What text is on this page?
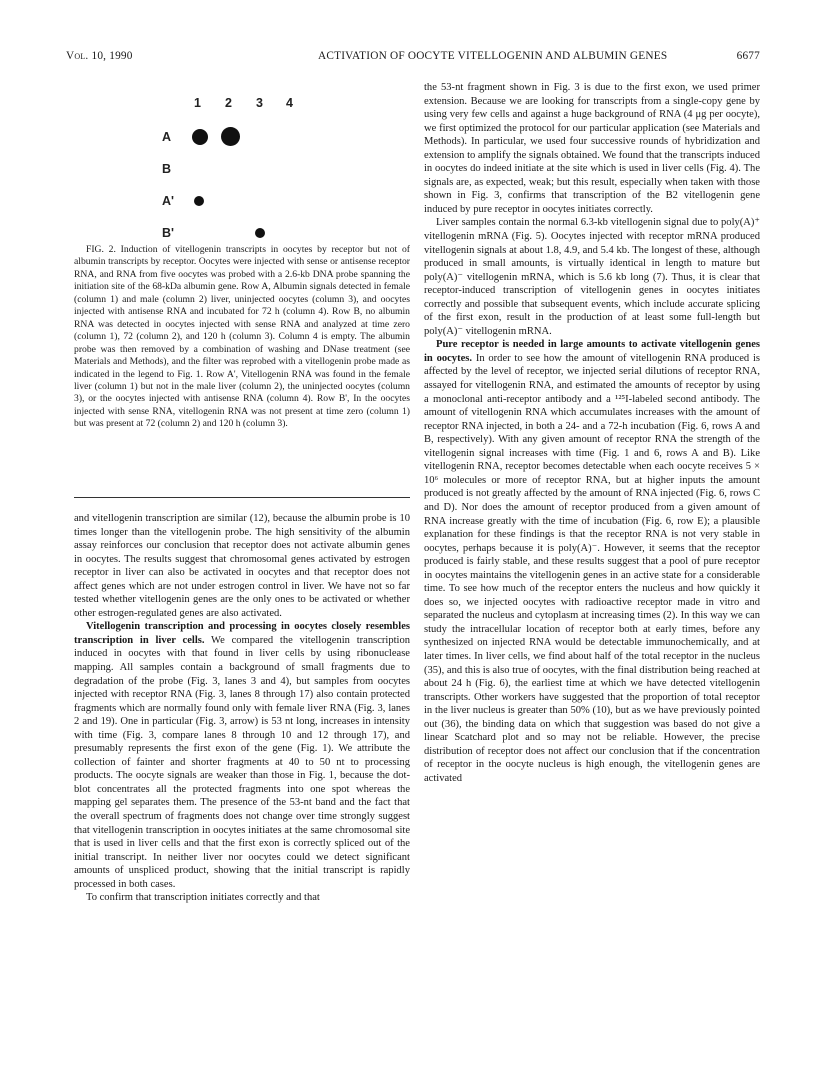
Vol. 10, 1990	ACTIVATION OF OOCYTE VITELLOGENIN AND ALBUMIN GENES	6677
1 2 3 4
A
B
A'
B'

FIG. 2. Induction of vitellogenin transcripts in oocytes by receptor but not of albumin transcripts by receptor. Oocytes were injected with sense or antisense receptor RNA, and RNA from five oocytes was probed with a 2.6-kb DNA probe spanning the initiation site of the 68-kDa albumin gene. Row A, Albumin signals detected in female (column 1) and male (column 2) liver, uninjected oocytes (column 3), and oocytes injected with antisense RNA and incubated for 72 h (column 4). Row B, no albumin RNA was detected in oocytes injected with sense RNA and analyzed at time zero (column 1), 72 (column 2), and 120 h (column 3). Column 4 is empty. The albumin probe was then removed by a combination of washing and DNase treatment (see Materials and Methods), and the filter was reprobed with a vitellogenin probe made as indicated in the legend to Fig. 1. Row A', Vitellogenin RNA was found in the female liver (column 1) but not in the male liver (column 2), the uninjected oocytes (column 3), or the oocytes injected with antisense RNA (column 4). Row B', In the oocytes injected with sense RNA, vitellogenin RNA was not present at time zero (column 1) but was present at 72 (column 2) and 120 h (column 3).

and vitellogenin transcription are similar (12), because the albumin probe is 10 times longer than the vitellogenin probe. The high sensitivity of the albumin assay reinforces our conclusion that receptor does not activate albumin genes in oocytes. The results suggest that chromosomal genes activated by estrogen receptor in liver can also be activated in oocytes and that receptor does not affect genes which are not under estrogen control in liver. We have not so far tested whether vitellogenin genes are the only ones to be activated or whether other estrogen-regulated genes are also activated.

Vitellogenin transcription and processing in oocytes closely resembles transcription in liver cells. We compared the vitellogenin transcription induced in oocytes with that found in liver cells by using ribonuclease mapping. All samples contain a background of small fragments due to degradation of the probe (Fig. 3, lanes 3 and 4), but samples from oocytes injected with receptor RNA (Fig. 3, lanes 8 through 17) also contain protected fragments which are normally found only with female liver RNA (Fig. 3, lanes 2 and 19). One in particular (Fig. 3, arrow) is 53 nt long, increases in intensity with time (Fig. 3, compare lanes 8 through 10 and 12 through 17), and presumably represents the first exon of the gene (Fig. 1). We attribute the collection of fainter and shorter fragments at 40 to 50 nt to processing products. The oocyte signals are weaker than those in Fig. 1, because the dot-blot concentrates all the protected fragments into one spot whereas the mapping gel separates them. The presence of the 53-nt band and the fact that the overall spectrum of fragments does not change over time strongly suggest that vitellogenin transcription in oocytes initiates at the same chromosomal site that is used in liver cells and that the first exon is correctly spliced out of the initial transcript. In neither liver nor oocytes could we detect significant amounts of unspliced product, showing that the initial transcript is rapidly processed in both cases.

To confirm that transcription initiates correctly and that

the 53-nt fragment shown in Fig. 3 is due to the first exon, we used primer extension. Because we are looking for transcripts from a single-copy gene by using very few cells and against a huge background of RNA (4 μg per oocyte), we first optimized the protocol for our particular application (see Materials and Methods). In particular, we used four successive rounds of hybridization and extension to amplify the signals obtained. We found that the transcripts induced in oocytes do indeed initiate at the site which is used in liver cells (Fig. 4). The signals are, as expected, weak; but this result, especially when taken with those shown in Fig. 3, confirms that transcription of the B2 vitellogenin gene induced by pure receptor in oocytes initiates correctly.

Liver samples contain the normal 6.3-kb vitellogenin signal due to poly(A)⁺ vitellogenin mRNA (Fig. 5). Oocytes injected with receptor mRNA produced vitellogenin signals at about 1.8, 4.9, and 5.4 kb. The longest of these, although produced in small amounts, is virtually identical in length to mature but poly(A)⁻ vitellogenin mRNA, which is 5.6 kb long (7). Thus, it is clear that receptor-induced transcription of vitellogenin genes in oocytes initiates correctly and possible that subsequent events, which include accurate splicing of the first exon, result in the production of at least some full-length but poly(A)⁻ vitellogenin mRNA.

Pure receptor is needed in large amounts to activate vitellogenin genes in oocytes. In order to see how the amount of vitellogenin RNA produced is affected by the level of receptor, we injected serial dilutions of receptor RNA, assayed for vitellogenin RNA, and estimated the amounts of receptor by using a monoclonal anti-receptor antibody and a ¹²⁵I-labeled second antibody. The amount of vitellogenin RNA which accumulates increases with the amount of receptor RNA injected, in both a 24- and a 72-h incubation (Fig. 6, rows A and B, respectively). With any given amount of receptor RNA the strength of the vitellogenin signal increases with time (Fig. 1 and 6, rows A and B). Like vitellogenin RNA, receptor becomes detectable when each oocyte receives 5 × 10⁶ molecules or more of receptor RNA, but at higher inputs the amount produced is not greatly affected by the amount of RNA injected (Fig. 6, rows C and D). Nor does the amount of receptor produced from a given amount of RNA increase greatly with the time of incubation (Fig. 6, row E); a plausible explanation for these findings is that the receptor RNA is not very stable in oocytes, perhaps because it is poly(A)⁻. However, it seems that the receptor produced is fairly stable, and these results suggest that a pool of pure receptor in oocytes maintains the vitellogenin genes in an active state for a considerable time. To see how much of the receptor enters the nucleus and how quickly it does so, we injected oocytes with radioactive receptor made in vitro and separated the nucleus and cytoplasm at increasing times (2). In this way we can study the intracellular location of receptor both at early times, before any synthesized on injected RNA would be detectable immunochemically, and at later times. In liver cells, we find about half of the total receptor in the nucleus (35), and this is also true of oocytes, with the final distribution being reached at about 24 h (Fig. 6), the earliest time at which we have detected vitellogenin transcripts. Other workers have suggested that the proportion of total receptor in the liver nucleus is greater than 50% (10), but as we have previously pointed out (36), the binding data on which that suggestion was based do not give a linear Scatchard plot and so may not be reliable. However, the precise distribution of receptor does not affect our conclusion that if the concentration of receptor in the oocyte nucleus is high enough, the vitellogenin genes are activated
